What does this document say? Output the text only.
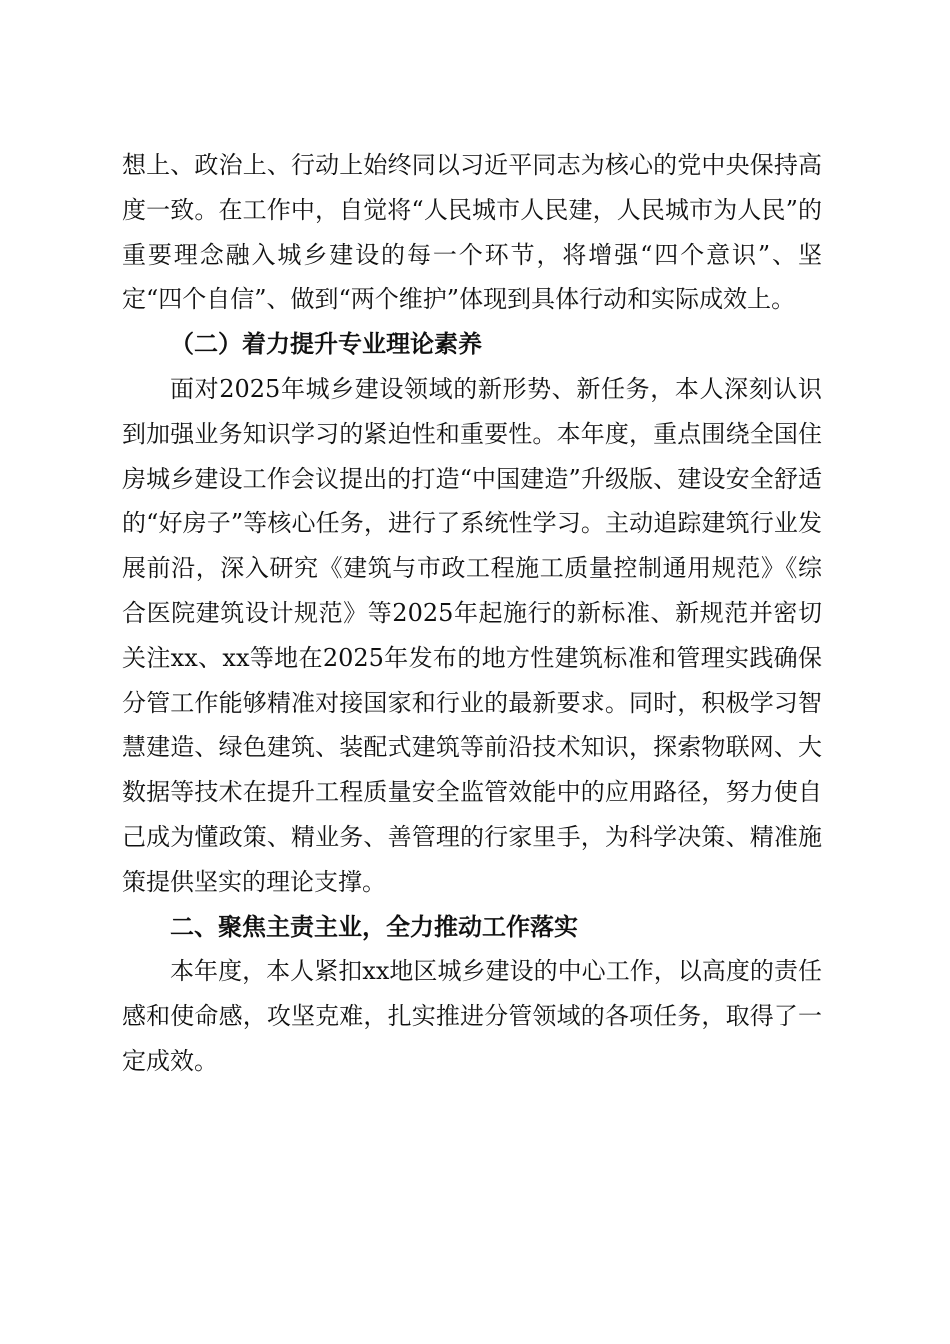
想上、政治上、行动上始终同以习近平同志为核心的党中央保持高度一致。在工作中，自觉将“人民城市人民建，人民城市为人民”的重要理念融入城乡建设的每一个环节，将增强“四个意识”、坚定“四个自信”、做到“两个维护”体现到具体行动和实际成效上。

（二）着力提升专业理论素养

面对2025年城乡建设领域的新形势、新任务，本人深刻认识到加强业务知识学习的紧迫性和重要性。本年度，重点围绕全国住房城乡建设工作会议提出的打造“中国建造”升级版、建设安全舒适的“好房子”等核心任务，进行了系统性学习。主动追踪建筑行业发展前沿，深入研究《建筑与市政工程施工质量控制通用规范》《综合医院建筑设计规范》等2025年起施行的新标准、新规范并密切关注xx、xx等地在2025年发布的地方性建筑标准和管理实践确保分管工作能够精准对接国家和行业的最新要求。同时，积极学习智慧建造、绿色建筑、装配式建筑等前沿技术知识，探索物联网、大数据等技术在提升工程质量安全监管效能中的应用路径，努力使自己成为懂政策、精业务、善管理的行家里手，为科学决策、精准施策提供坚实的理论支撑。

二、聚焦主责主业，全力推动工作落实

本年度，本人紧扣xx地区城乡建设的中心工作，以高度的责任感和使命感，攻坚克难，扎实推进分管领域的各项任务，取得了一定成效。
